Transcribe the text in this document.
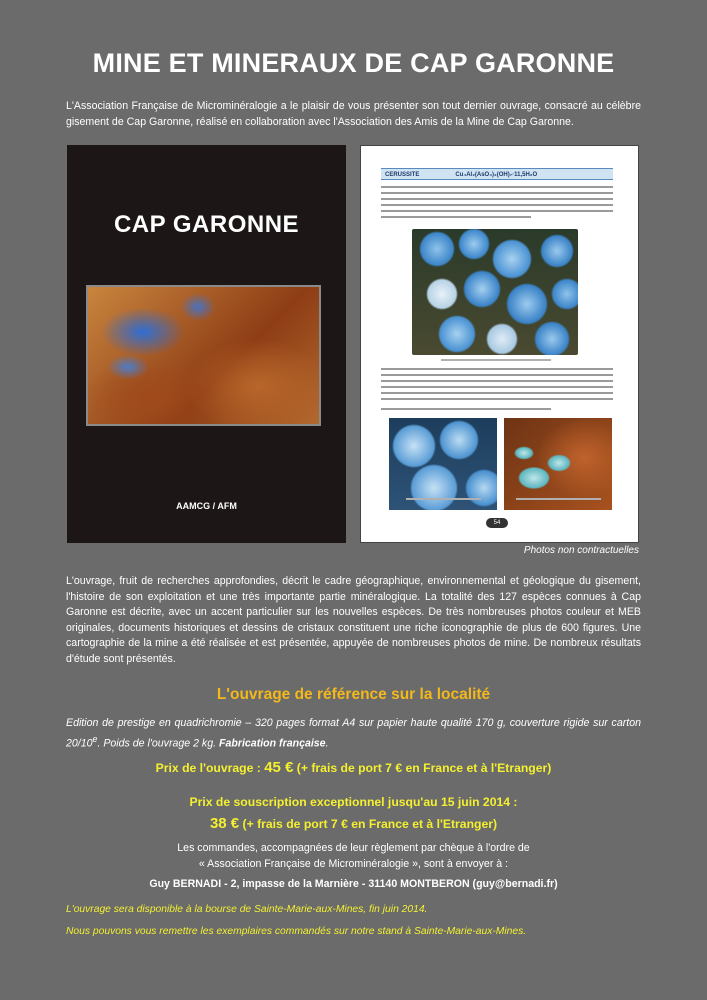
MINE ET MINERAUX DE CAP GARONNE
L'Association Française de Microminéralogie a le plaisir de vous présenter son tout dernier ouvrage, consacré au célèbre gisement de Cap Garonne, réalisé en collaboration avec l'Association des Amis de la Mine de Cap Garonne.
CAP GARONNE
AAMCG / AFM
CERUSSITE	Cu₄Al₂(AsO₄)₂(OH)₇·11,5H₂O
54
Photos non contractuelles
L'ouvrage, fruit de recherches approfondies, décrit le cadre géographique, environnemental et géologique du gisement, l'histoire de son exploitation et une très importante partie minéralogique. La totalité des 127 espèces connues à Cap Garonne est décrite, avec un accent particulier sur les nouvelles espèces. De très nombreuses photos couleur et MEB originales, documents historiques et dessins de cristaux constituent une riche iconographie de plus de 600 figures. Une cartographie de la mine a été réalisée et est présentée, appuyée de nombreuses photos de mine. De nombreux résultats d'étude sont présentés.
L'ouvrage de référence sur la localité
Edition de prestige en quadrichromie – 320 pages format A4 sur papier haute qualité 170 g, couverture rigide sur carton 20/10e. Poids de l'ouvrage 2 kg. Fabrication française.
Prix de l'ouvrage : 45 € (+ frais de port 7 € en France et à l'Etranger)
Prix de souscription exceptionnel jusqu'au 15 juin 2014 : 38 € (+ frais de port 7 € en France et à l'Etranger)
Les commandes, accompagnées de leur règlement par chèque à l'ordre de
« Association Française de Microminéralogie », sont à envoyer à :
Guy BERNADI - 2, impasse de la Marnière - 31140 MONTBERON (guy@bernadi.fr)
L'ouvrage sera disponible à la bourse de Sainte-Marie-aux-Mines, fin juin 2014.
Nous pouvons vous remettre les exemplaires commandés sur notre stand à Sainte-Marie-aux-Mines.
